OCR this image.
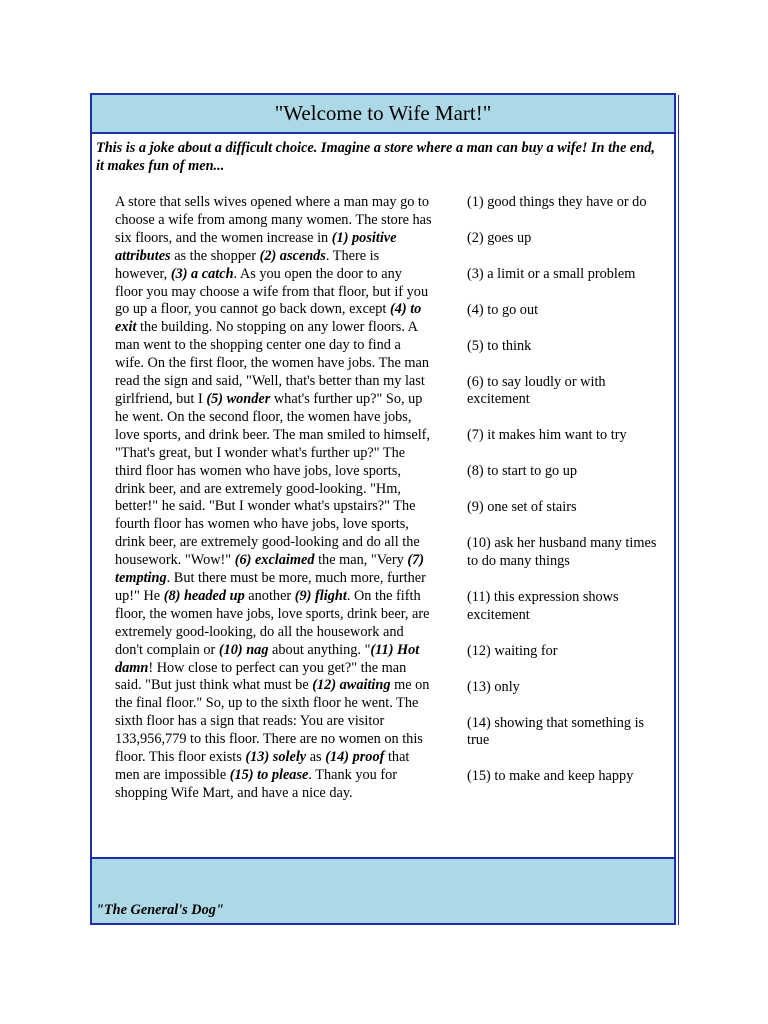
"Welcome to Wife Mart!"
This is a joke about a difficult choice. Imagine a store where a man can buy a wife! In the end, it makes fun of men...
A store that sells wives opened where a man may go to choose a wife from among many women. The store has six floors, and the women increase in (1) positive attributes as the shopper (2) ascends. There is however, (3) a catch. As you open the door to any floor you may choose a wife from that floor, but if you go up a floor, you cannot go back down, except (4) to exit the building. No stopping on any lower floors. A man went to the shopping center one day to find a wife. On the first floor, the women have jobs. The man read the sign and said, "Well, that's better than my last girlfriend, but I (5) wonder what's further up?" So, up he went. On the second floor, the women have jobs, love sports, and drink beer. The man smiled to himself, "That's great, but I wonder what's further up?" The third floor has women who have jobs, love sports, drink beer, and are extremely good-looking. "Hm, better!" he said. "But I wonder what's upstairs?" The fourth floor has women who have jobs, love sports, drink beer, are extremely good-looking and do all the housework. "Wow!" (6) exclaimed the man, "Very (7) tempting. But there must be more, much more, further up!" He (8) headed up another (9) flight. On the fifth floor, the women have jobs, love sports, drink beer, are extremely good-looking, do all the housework and don't complain or (10) nag about anything. "(11) Hot damn! How close to perfect can you get?" the man said. "But just think what must be (12) awaiting me on the final floor." So, up to the sixth floor he went. The sixth floor has a sign that reads: You are visitor 133,956,779 to this floor. There are no women on this floor. This floor exists (13) solely as (14) proof that men are impossible (15) to please. Thank you for shopping Wife Mart, and have a nice day.
(1) good things they have or do
(2) goes up
(3) a limit or a small problem
(4) to go out
(5) to think
(6) to say loudly or with excitement
(7) it makes him want to try
(8) to start to go up
(9) one set of stairs
(10) ask her husband many times to do many things
(11) this expression shows excitement
(12) waiting for
(13) only
(14) showing that something is true
(15) to make and keep happy
"The General's Dog"
